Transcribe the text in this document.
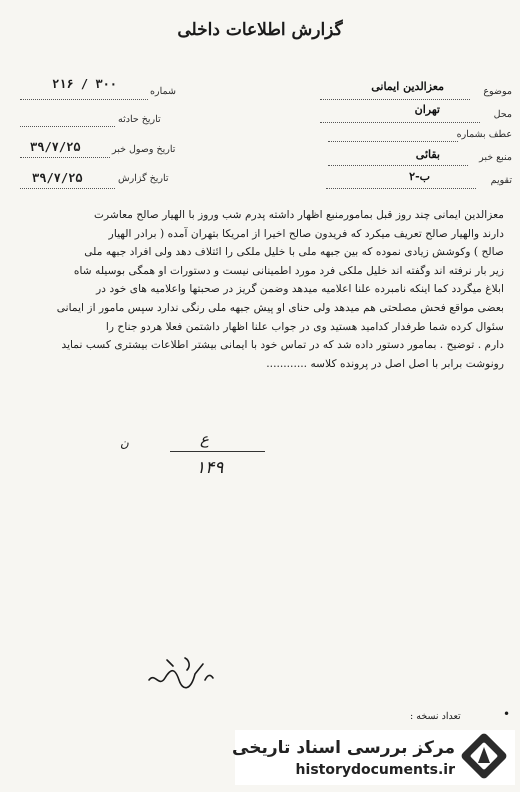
گزارش اطلاعات داخلی
موضوع
معزالدین ایمانی
محل
تهران
عطف بشماره
منبع خبر
بقائی
تقویم
ب-۲
شماره
۲۱۶ / ۳۰۰
تاریخ حادثه
تاریخ وصول خبر
۳۹/۷/۲۵
تاریخ گزارش
۳۹/۷/۲۵
معزالدین ایمانی چند روز قبل بمامورمنبع اظهار داشته پدرم شب وروز با الهیار صالح معاشرت
دارند والهیار صالح تعریف میکرد که فریدون صالح اخیرا از امریکا بتهران آمده ( برادر الهیار
صالح ) وکوشش زیادی نموده که بین جبهه ملی با خلیل ملکی را ائتلاف دهد ولی افراد جبهه ملی
زیر بار نرفته اند وگفته اند خلیل ملکی فرد مورد اطمینانی نیست و دستورات او همگی بوسیله شاه
ابلاغ میگردد کما اینکه نامبرده علنا اعلامیه میدهد وضمن گریز در صحبتها واعلامیه های خود در
بعضی مواقع فحش مصلحتی هم میدهد ولی حنای او پیش جبهه ملی رنگی ندارد سپس مامور از ایمانی
سئوال کرده شما طرفدار کدامید هستید وی در جواب علنا اظهار داشتمن فعلا هردو جناح را
دارم . توضیح . بمامور دستور داده شد که در تماس خود با ایمانی بیشتر اطلاعات بیشتری کسب نماید
رونوشت برابر با اصل اصل در پرونده کلاسه ............
ع
۱۴۹
ن
تعداد نسخه :	•
مرکز بررسی اسناد تاریخی
historydocuments.ir
